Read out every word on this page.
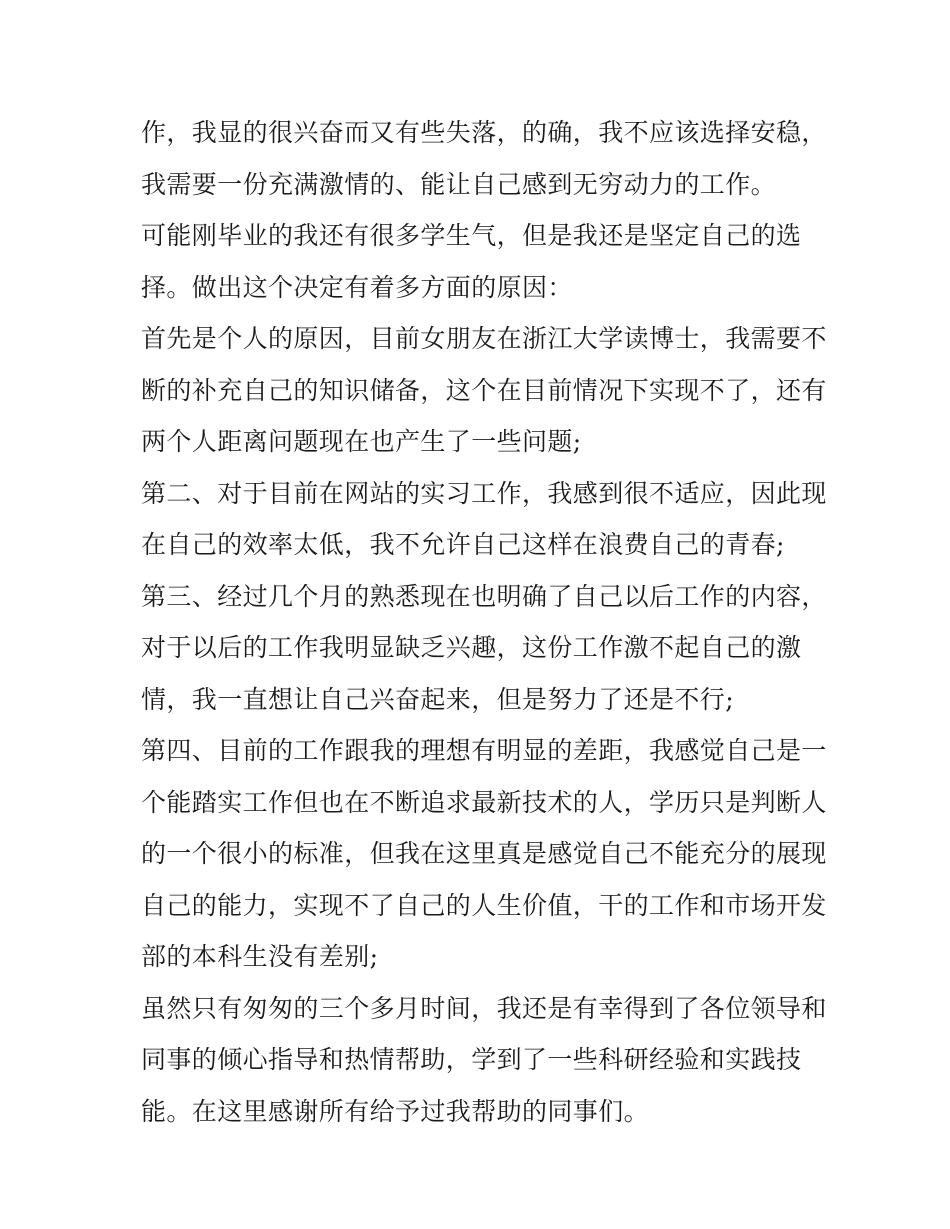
作，我显的很兴奋而又有些失落，的确，我不应该选择安稳，
我需要一份充满激情的、能让自己感到无穷动力的工作。
可能刚毕业的我还有很多学生气，但是我还是坚定自己的选
择。做出这个决定有着多方面的原因：
首先是个人的原因，目前女朋友在浙江大学读博士，我需要不
断的补充自己的知识储备，这个在目前情况下实现不了，还有
两个人距离问题现在也产生了一些问题;
第二、对于目前在网站的实习工作，我感到很不适应，因此现
在自己的效率太低，我不允许自己这样在浪费自己的青春;
第三、经过几个月的熟悉现在也明确了自己以后工作的内容，
对于以后的工作我明显缺乏兴趣，这份工作激不起自己的激
情，我一直想让自己兴奋起来，但是努力了还是不行;
第四、目前的工作跟我的理想有明显的差距，我感觉自己是一
个能踏实工作但也在不断追求最新技术的人，学历只是判断人
的一个很小的标准，但我在这里真是感觉自己不能充分的展现
自己的能力，实现不了自己的人生价值，干的工作和市场开发
部的本科生没有差别;
虽然只有匆匆的三个多月时间，我还是有幸得到了各位领导和
同事的倾心指导和热情帮助，学到了一些科研经验和实践技
能。在这里感谢所有给予过我帮助的同事们。
